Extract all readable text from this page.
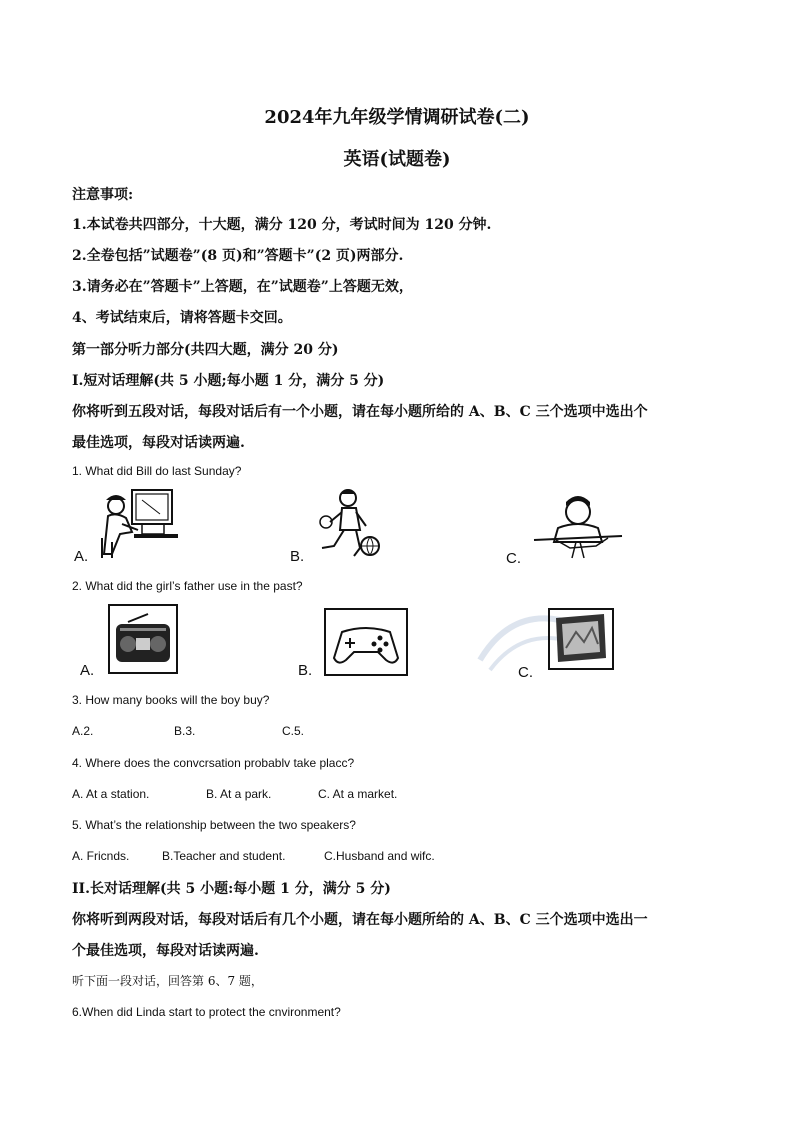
2024年九年级学情调研试卷(二)
英语(试题卷)
注意事项:
1.本试卷共四部分，十大题，满分 120 分，考试时间为 120 分钟.
2.全卷包括”试题卷”(8 页)和”答题卡”(2 页)两部分.
3.请务必在”答题卡”上答题，在”试题卷”上答题无效，
4、考试结束后，请将答题卡交回。
第一部分听力部分(共四大题，满分 20 分)
I.短对话理解(共 5 小题;每小题 1 分，满分 5 分)
你将听到五段对话，每段对话后有一个小题，请在每小题所给的 A、B、C 三个选项中选出个
最佳选项，每段对话读两遍.
1. What did Bill do last Sunday?
A.	B.	C.
2. What did the girl’s father use in the past?
A.	B.	C.
3. How many books will the boy buy?
A.2.	B.3.	C.5.
4. Where does the convcrsation probablv take placc?
A. At a station.	B. At a park.	C. At a market.
5. What’s the relationship between the two speakers?
A. Fricnds.	B.Teacher and student.	C.Husband and wifc.
II.长对话理解(共 5 小题:每小题 1 分，满分 5 分)
你将听到两段对话，每段对话后有几个小题，请在每小题所给的 A、B、C 三个选项中选出一
个最佳选项，每段对话读两遍.
听下面一段对话，回答第 6、7 题，
6.When did Linda start to protect the cnvironment?
